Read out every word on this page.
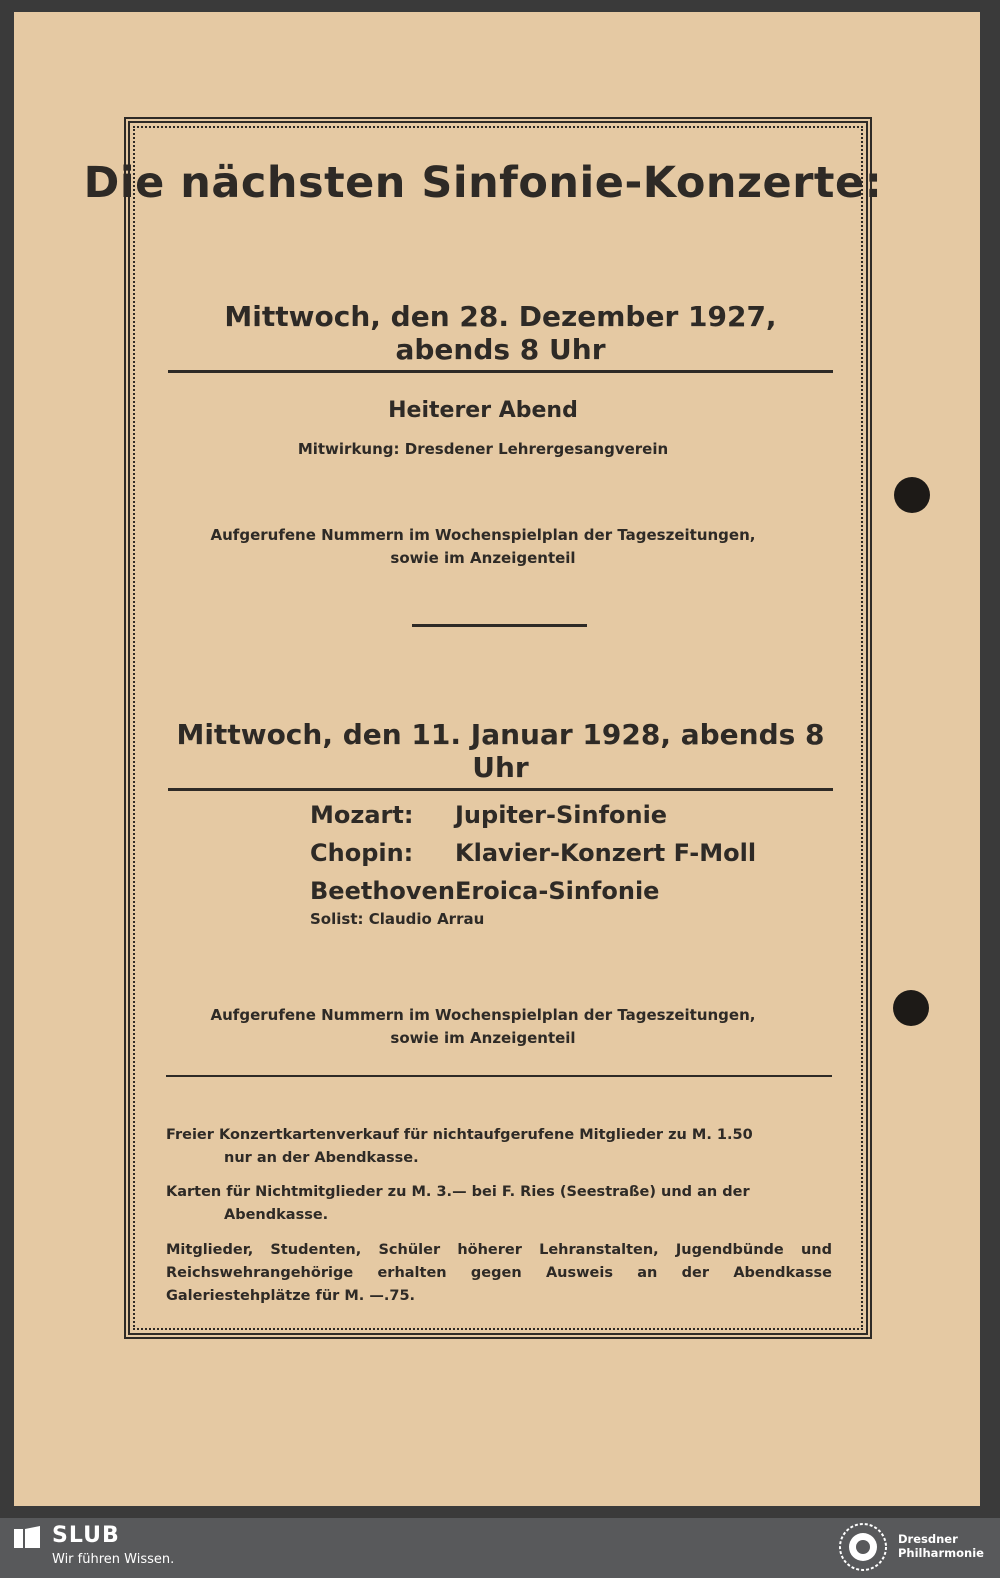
Die nächsten Sinfonie-Konzerte:
Mittwoch, den 28. Dezember 1927, abends 8 Uhr
Heiterer Abend
Mitwirkung: Dresdener Lehrergesangverein
Aufgerufene Nummern im Wochenspielplan der Tageszeitungen,
sowie im Anzeigenteil
Mittwoch, den 11. Januar 1928, abends 8 Uhr
Mozart:	Jupiter-Sinfonie
Chopin:	Klavier-Konzert F-Moll
Beethoven:
Eroica-Sinfonie
Solist: Claudio Arrau
Aufgerufene Nummern im Wochenspielplan der Tageszeitungen,
sowie im Anzeigenteil
Freier Konzertkartenverkauf für nichtaufgerufene Mitglieder zu M. 1.50
nur an der Abendkasse.
Karten für Nichtmitglieder zu M. 3.— bei F. Ries (Seestraße) und an der
Abendkasse.
Mitglieder, Studenten, Schüler höherer Lehranstalten, Jugendbünde und Reichswehrangehörige erhalten gegen Ausweis an der Abendkasse Galeriestehplätze für M. —.75.
SLUB
Wir führen Wissen.
Dresdner
Philharmonie
